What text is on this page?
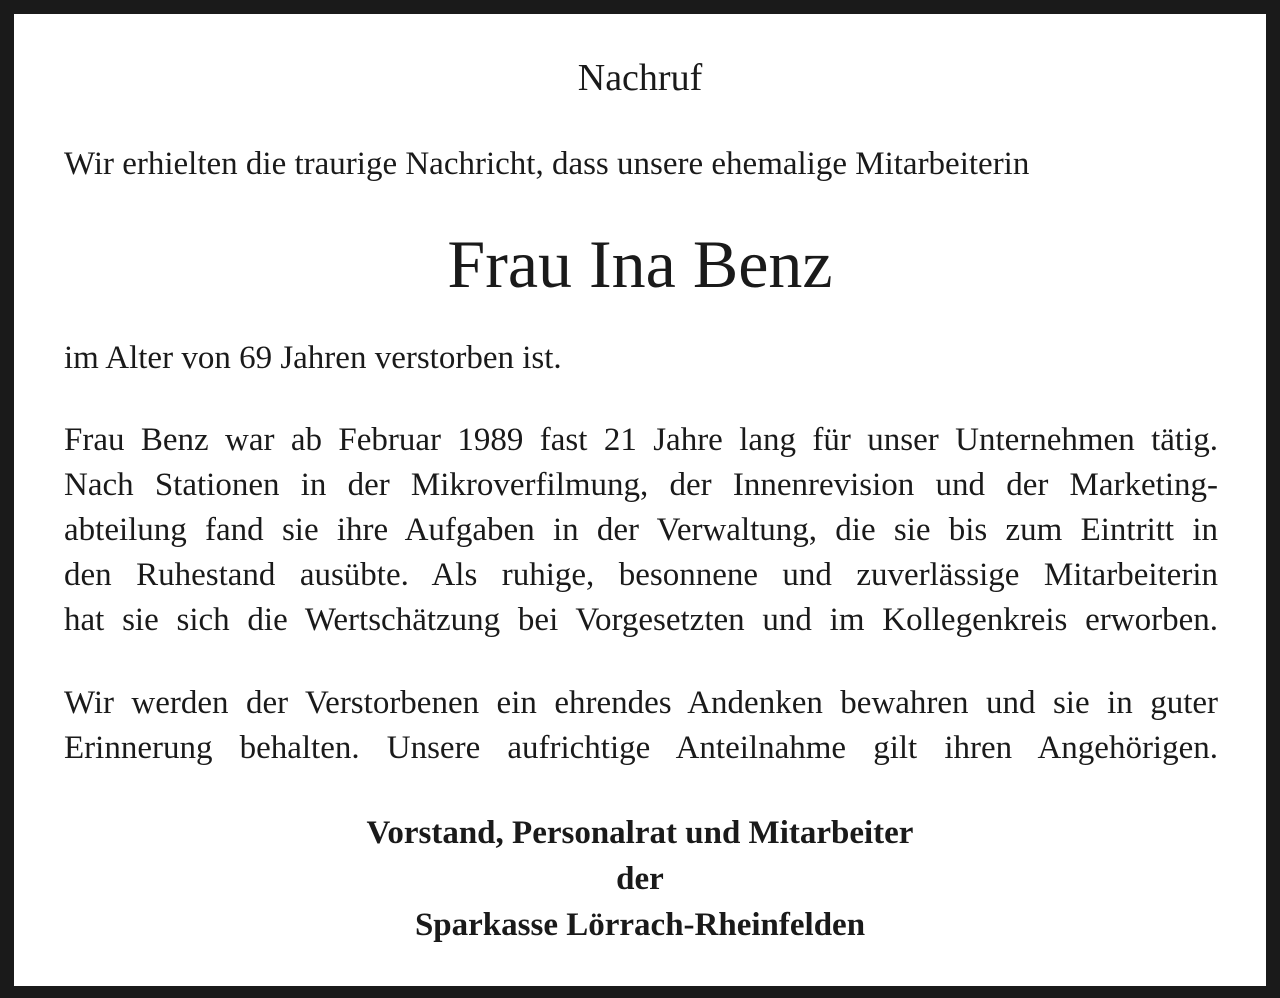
Nachruf
Wir erhielten die traurige Nachricht, dass unsere ehemalige Mitarbeiterin
Frau Ina Benz
im Alter von 69 Jahren verstorben ist.
Frau Benz war ab Februar 1989 fast 21 Jahre lang für unser Unternehmen tätig.
Nach Stationen in der Mikroverfilmung, der Innenrevision und der Marketing-
abteilung fand sie ihre Aufgaben in der Verwaltung, die sie bis zum Eintritt in
den Ruhestand ausübte. Als ruhige, besonnene und zuverlässige Mitarbeiterin
hat sie sich die Wertschätzung bei Vorgesetzten und im Kollegenkreis erworben.
Wir werden der Verstorbenen ein ehrendes Andenken bewahren und sie in guter
Erinnerung behalten. Unsere aufrichtige Anteilnahme gilt ihren Angehörigen.
Vorstand, Personalrat und Mitarbeiter
der
Sparkasse Lörrach-Rheinfelden
